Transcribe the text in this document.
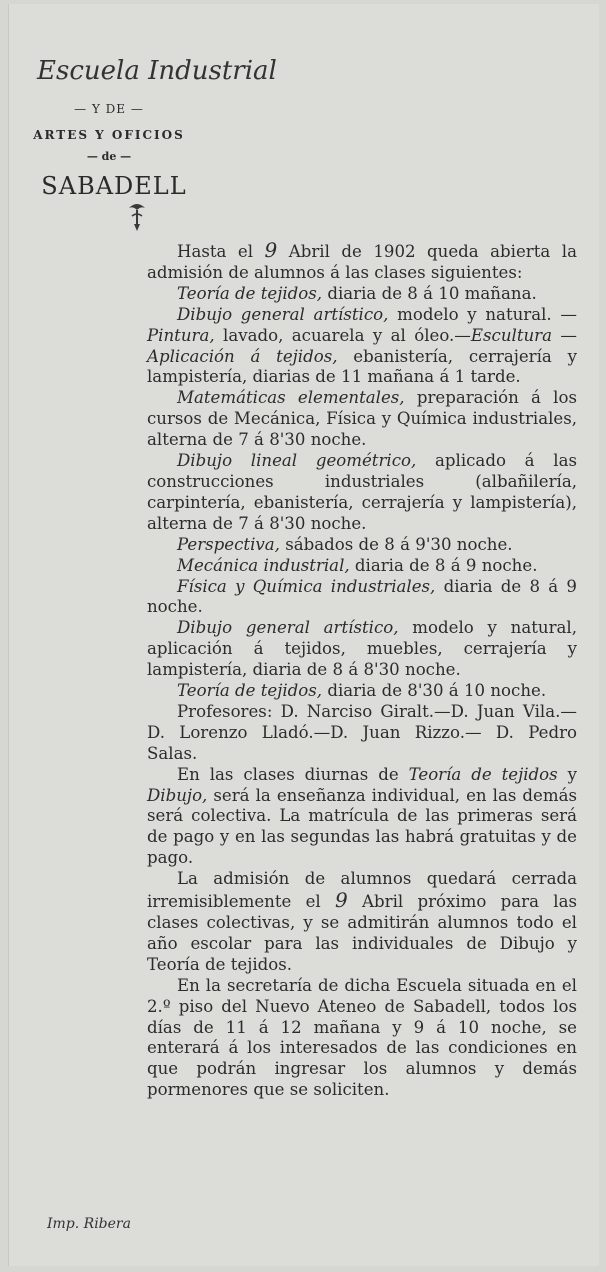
Escuela Industrial
— Y DE —
ARTES Y OFICIOS
— de —
SABADELL

Hasta el 9 Abril de 1902 queda abierta la admisión de alumnos á las clases siguientes:

Teoría de tejidos, diaria de 8 á 10 mañana.

Dibujo general artístico, modelo y natural. —Pintura, lavado, acuarela y al óleo.—Escultura —Aplicación á tejidos, ebanistería, cerrajería y lampistería, diarias de 11 mañana á 1 tarde.

Matemáticas elementales, preparación á los cursos de Mecánica, Física y Química industriales, alterna de 7 á 8'30 noche.

Dibujo lineal geométrico, aplicado á las construcciones industriales (albañilería, carpintería, ebanistería, cerrajería y lampistería), alterna de 7 á 8'30 noche.

Perspectiva, sábados de 8 á 9'30 noche.

Mecánica industrial, diaria de 8 á 9 noche.

Física y Química industriales, diaria de 8 á 9 noche.

Dibujo general artístico, modelo y natural, aplicación á tejidos, muebles, cerrajería y lampistería, diaria de 8 á 8'30 noche.

Teoría de tejidos, diaria de 8'30 á 10 noche.

Profesores: D. Narciso Giralt.—D. Juan Vila.—D. Lorenzo Lladó.—D. Juan Rizzo.— D. Pedro Salas.

En las clases diurnas de Teoría de tejidos y Dibujo, será la enseñanza individual, en las demás será colectiva. La matrícula de las primeras será de pago y en las segundas las habrá gratuitas y de pago.

La admisión de alumnos quedará cerrada irremisiblemente el 9 Abril próximo para las clases colectivas, y se admitirán alumnos todo el año escolar para las individuales de Dibujo y Teoría de tejidos.

En la secretaría de dicha Escuela situada en el 2.º piso del Nuevo Ateneo de Sabadell, todos los días de 11 á 12 mañana y 9 á 10 noche, se enterará á los interesados de las condiciones en que podrán ingresar los alumnos y demás pormenores que se soliciten.

Imp. Ribera
